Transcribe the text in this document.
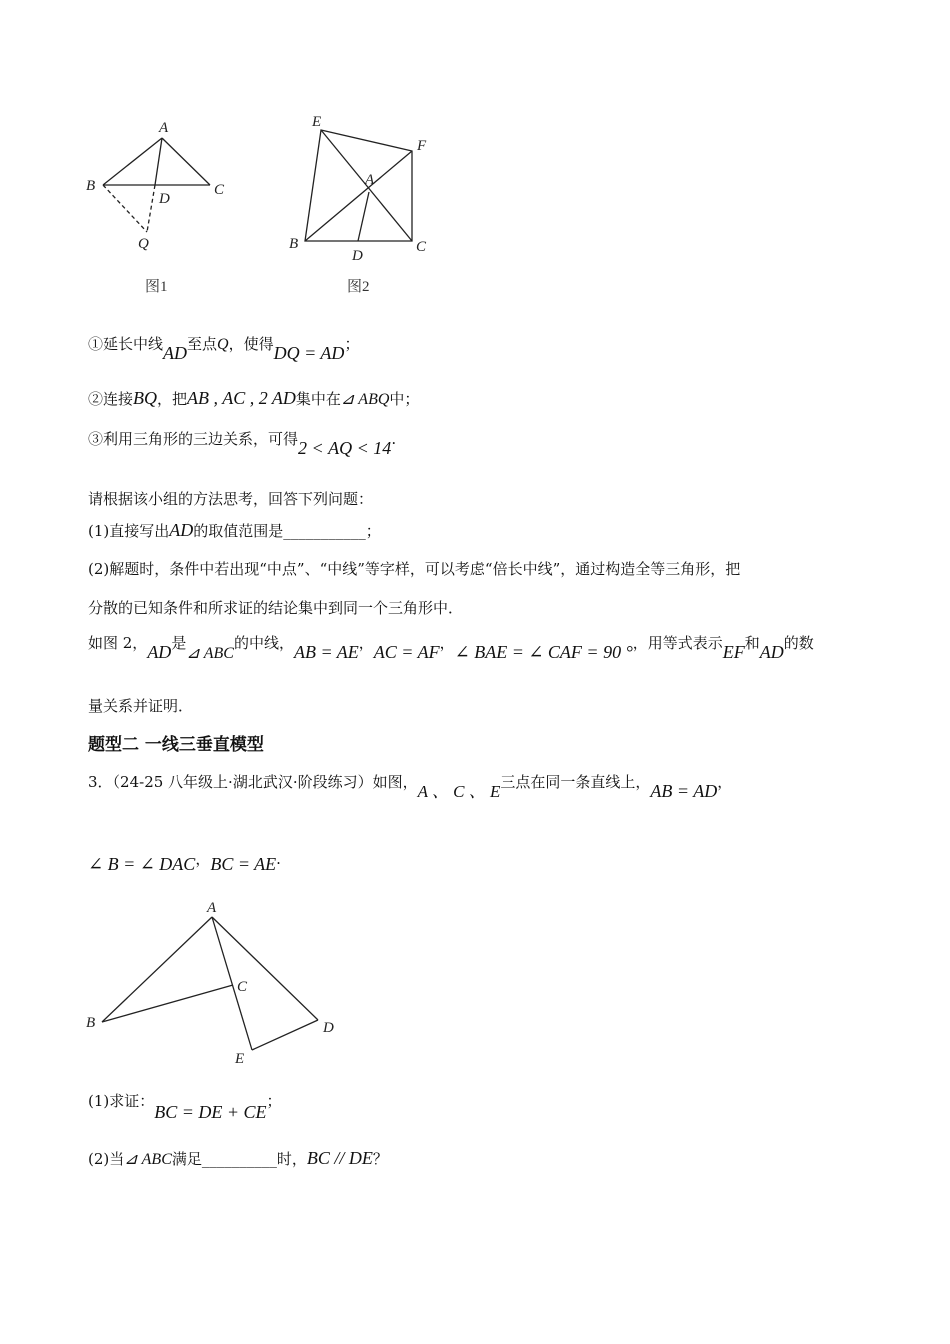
A
B	C
D
Q
图1
E
F
A
B	C
D
图2
①延长中线AD至点Q，使得DQ = AD；
②连接BQ，把AB , AC , 2 AD集中在⊿ ABQ中；
③利用三角形的三边关系，可得2 < AQ < 14.
请根据该小组的方法思考，回答下列问题：
(1)直接写出AD的取值范围是___________；
(2)解题时，条件中若出现“中点”、“中线”等字样，可以考虑“倍长中线”，通过构造全等三角形，把
分散的已知条件和所求证的结论集中到同一个三角形中．
如图 2，AD是⊿ ABC的中线，AB = AE，AC = AF，∠ BAE = ∠ CAF = 90 °，用等式表示EF和AD的数
量关系并证明．
题型二 一线三垂直模型
3．（24-25 八年级上·湖北武汉·阶段练习）如图，A 、 C 、 E三点在同一条直线上，AB = AD，
∠ B = ∠ DAC，BC = AE.
A
B
C
D
E
(1)求证：BC = DE + CE；
(2)当⊿ ABC满足__________时，BC // DE？
